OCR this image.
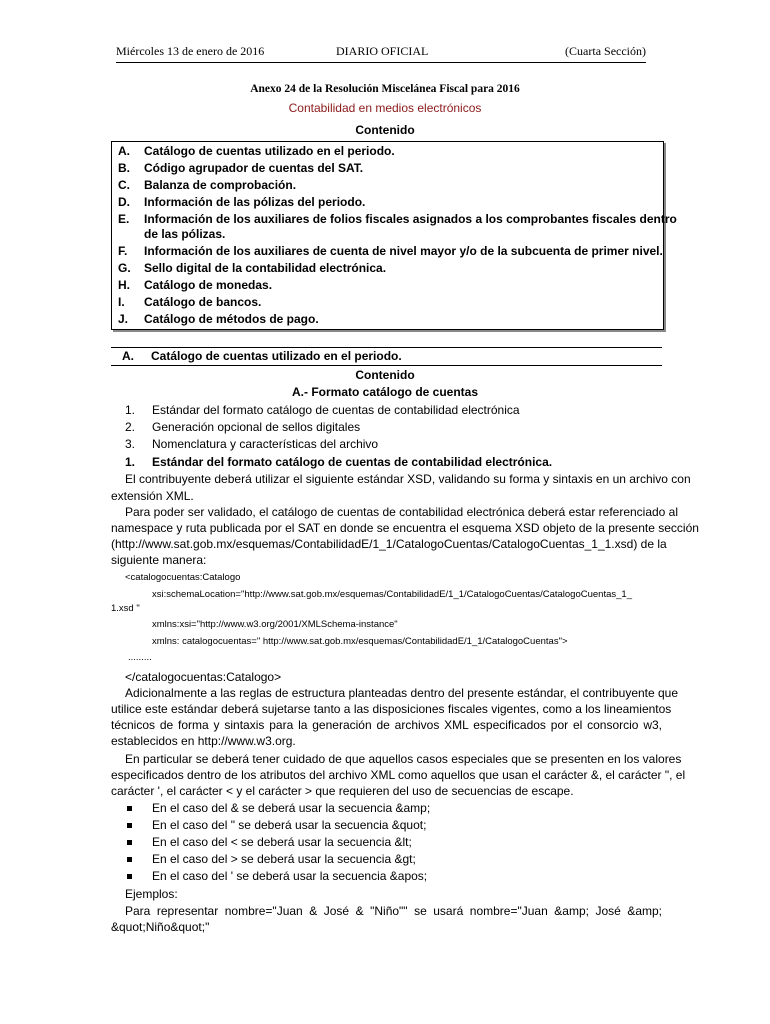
Miércoles 13 de enero de 2016	DIARIO OFICIAL	(Cuarta Sección)
Anexo 24 de la Resolución Miscelánea Fiscal para 2016
Contabilidad en medios electrónicos
Contenido
A. Catálogo de cuentas utilizado en el periodo.
B. Código agrupador de cuentas del SAT.
C. Balanza de comprobación.
D. Información de las pólizas del periodo.
E. Información de los auxiliares de folios fiscales asignados a los comprobantes fiscales dentro
de las pólizas.
F. Información de los auxiliares de cuenta de nivel mayor y/o de la subcuenta de primer nivel.
G. Sello digital de la contabilidad electrónica.
H. Catálogo de monedas.
I. Catálogo de bancos.
J. Catálogo de métodos de pago.
A. Catálogo de cuentas utilizado en el periodo.
Contenido
A.- Formato catálogo de cuentas
1. Estándar del formato catálogo de cuentas de contabilidad electrónica
2. Generación opcional de sellos digitales
3. Nomenclatura y características del archivo
1. Estándar del formato catálogo de cuentas de contabilidad electrónica.
El contribuyente deberá utilizar el siguiente estándar XSD, validando su forma y sintaxis en un archivo con
extensión XML.
Para poder ser validado, el catálogo de cuentas de contabilidad electrónica deberá estar referenciado al
namespace y ruta publicada por el SAT en donde se encuentra el esquema XSD objeto de la presente sección
(http://www.sat.gob.mx/esquemas/ContabilidadE/1_1/CatalogoCuentas/CatalogoCuentas_1_1.xsd) de la
siguiente manera:
<catalogocuentas:Catalogo
xsi:schemaLocation="http://www.sat.gob.mx/esquemas/ContabilidadE/1_1/CatalogoCuentas/CatalogoCuentas_1_
1.xsd "
xmlns:xsi="http://www.w3.org/2001/XMLSchema-instance"
xmlns: catalogocuentas=" http://www.sat.gob.mx/esquemas/ContabilidadE/1_1/CatalogoCuentas">
.........
</catalogocuentas:Catalogo>
Adicionalmente a las reglas de estructura planteadas dentro del presente estándar, el contribuyente que
utilice este estándar deberá sujetarse tanto a las disposiciones fiscales vigentes, como a los lineamientos
técnicos de forma y sintaxis para la generación de archivos XML especificados por el consorcio w3,
establecidos en http://www.w3.org.
En particular se deberá tener cuidado de que aquellos casos especiales que se presenten en los valores
especificados dentro de los atributos del archivo XML como aquellos que usan el carácter &, el carácter ", el
carácter ', el carácter < y el carácter > que requieren del uso de secuencias de escape.
En el caso del & se deberá usar la secuencia &amp;
En el caso del " se deberá usar la secuencia &quot;
En el caso del < se deberá usar la secuencia &lt;
En el caso del > se deberá usar la secuencia &gt;
En el caso del ' se deberá usar la secuencia &apos;
Ejemplos:
Para representar nombre="Juan & José & "Niño"" se usará nombre="Juan &amp; José &amp;
&quot;Niño&quot;"
